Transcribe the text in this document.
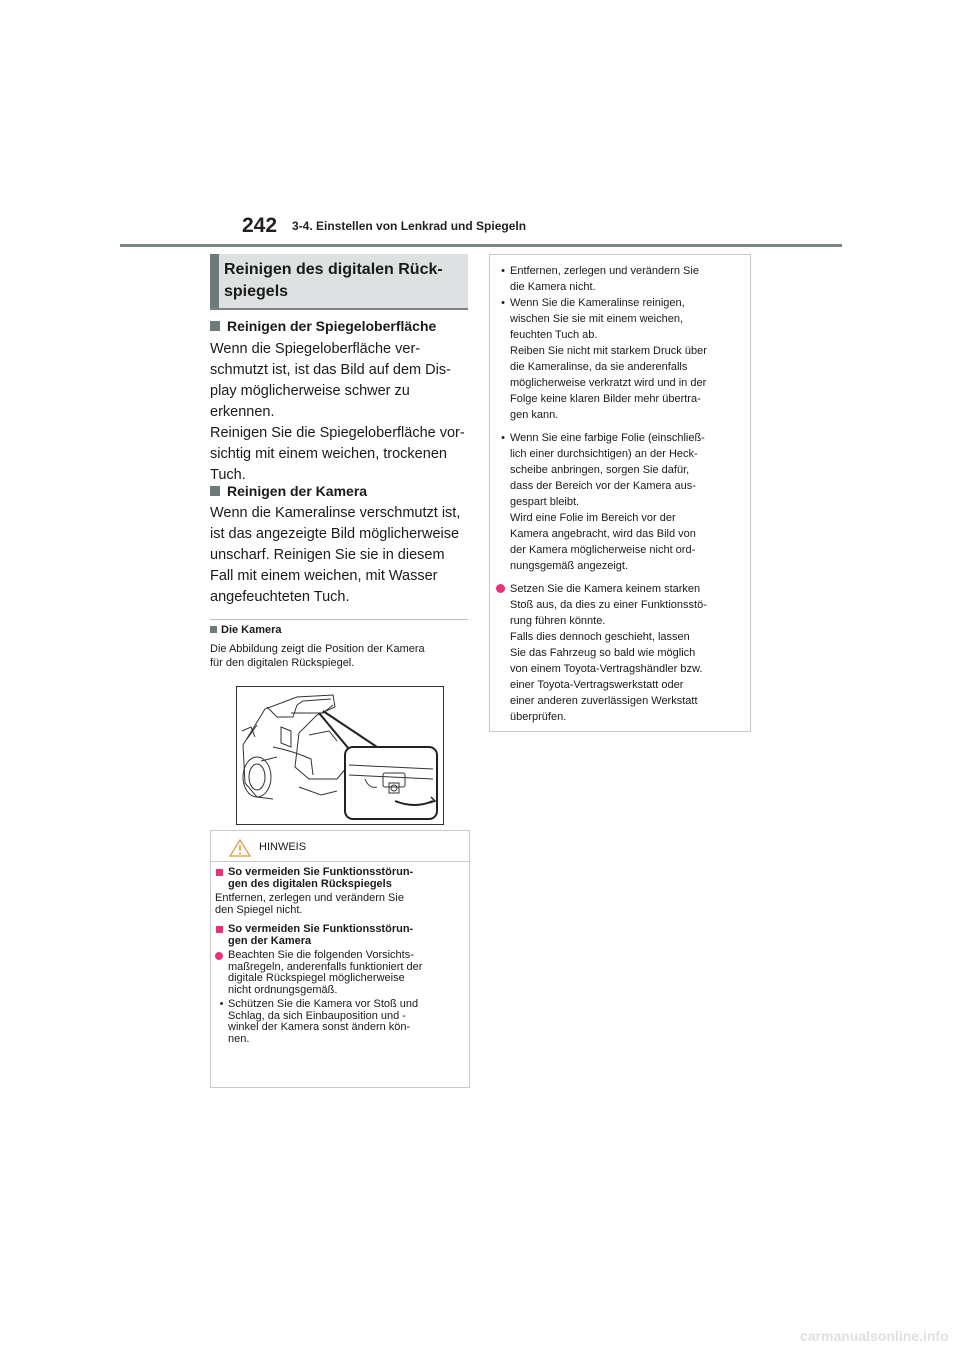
242 3-4. Einstellen von Lenkrad und Spiegeln
Reinigen des digitalen Rück-
spiegels
Reinigen der Spiegeloberfläche
Wenn die Spiegeloberfläche ver-
schmutzt ist, ist das Bild auf dem Dis-
play möglicherweise schwer zu
erkennen.
Reinigen Sie die Spiegeloberfläche vor-
sichtig mit einem weichen, trockenen
Tuch.
Reinigen der Kamera
Wenn die Kameralinse verschmutzt ist,
ist das angezeigte Bild möglicherweise
unscharf. Reinigen Sie sie in diesem
Fall mit einem weichen, mit Wasser
angefeuchteten Tuch.
Die Kamera
Die Abbildung zeigt die Position der Kamera
für den digitalen Rückspiegel.
HINWEIS
So vermeiden Sie Funktionsstörun-
gen des digitalen Rückspiegels
Entfernen, zerlegen und verändern Sie
den Spiegel nicht.
So vermeiden Sie Funktionsstörun-
gen der Kamera
Beachten Sie die folgenden Vorsichts-
maßregeln, anderenfalls funktioniert der
digitale Rückspiegel möglicherweise
nicht ordnungsgemäß.
• Schützen Sie die Kamera vor Stoß und
Schlag, da sich Einbauposition und -
winkel der Kamera sonst ändern kön-
nen.
• Entfernen, zerlegen und verändern Sie
die Kamera nicht.
• Wenn Sie die Kameralinse reinigen,
wischen Sie sie mit einem weichen,
feuchten Tuch ab.
Reiben Sie nicht mit starkem Druck über
die Kameralinse, da sie anderenfalls
möglicherweise verkratzt wird und in der
Folge keine klaren Bilder mehr übertra-
gen kann.
• Wenn Sie eine farbige Folie (einschließ-
lich einer durchsichtigen) an der Heck-
scheibe anbringen, sorgen Sie dafür,
dass der Bereich vor der Kamera aus-
gespart bleibt.
Wird eine Folie im Bereich vor der
Kamera angebracht, wird das Bild von
der Kamera möglicherweise nicht ord-
nungsgemäß angezeigt.
Setzen Sie die Kamera keinem starken
Stoß aus, da dies zu einer Funktionsstö-
rung führen könnte.
Falls dies dennoch geschieht, lassen
Sie das Fahrzeug so bald wie möglich
von einem Toyota-Vertragshändler bzw.
einer Toyota-Vertragswerkstatt oder
einer anderen zuverlässigen Werkstatt
überprüfen.
carmanualsonline.info
